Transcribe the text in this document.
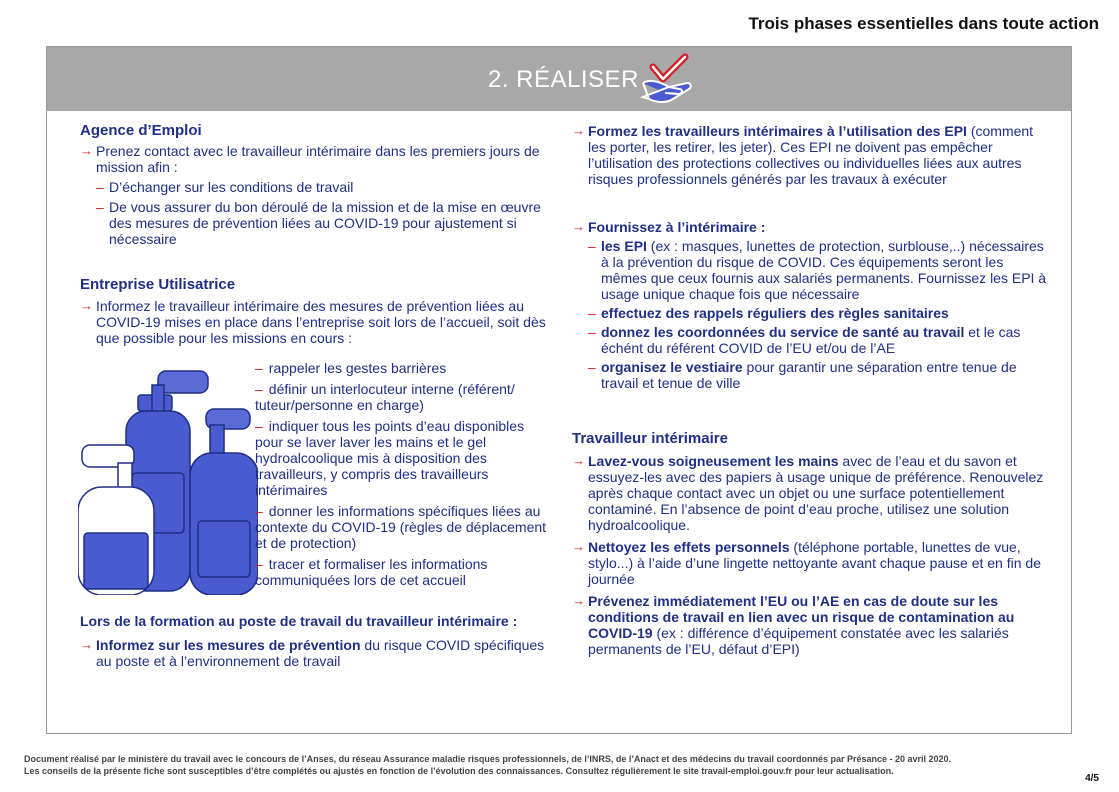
Trois phases essentielles dans toute action
2. RÉALISER
Agence d’Emploi

→ Prenez contact avec le travailleur intérimaire dans les premiers jours de mission afin :

– D’échanger sur les conditions de travail

– De vous assurer du bon déroulé de la mission et de la mise en œuvre des mesures de prévention liées au COVID-19 pour ajustement si nécessaire

Entreprise Utilisatrice

→ Informez le travailleur intérimaire des mesures de prévention liées au COVID-19 mises en place dans l’entreprise soit lors de l’accueil, soit dès que possible pour les missions en cours :

– rappeler les gestes barrières

– définir un interlocuteur interne (référent/ tuteur/personne en charge)

– indiquer tous les points d’eau disponibles pour se laver laver les mains et le gel hydroalcoolique mis à disposition des travailleurs, y compris des travailleurs intérimaires

– donner les informations spécifiques liées au contexte du COVID-19 (règles de déplacement et de protection)

– tracer et formaliser les informations communiquées lors de cet accueil

Lors de la formation au poste de travail du travailleur intérimaire :

→ Informez sur les mesures de prévention du risque COVID spécifiques au poste et à l’environnement de travail

→ Formez les travailleurs intérimaires à l’utilisation des EPI (comment les porter, les retirer, les jeter). Ces EPI ne doivent pas empêcher l’utilisation des protections collectives ou individuelles liées aux autres risques professionnels générés par les travaux à exécuter

→ Fournissez à l’intérimaire :

– les EPI (ex : masques, lunettes de protection, surblouse,..) nécessaires à la prévention du risque de COVID. Ces équipements seront les mêmes que ceux fournis aux salariés permanents. Fournissez les EPI à usage unique chaque fois que nécessaire

– effectuez des rappels réguliers des règles sanitaires

– donnez les coordonnées du service de santé au travail et le cas échént du référent COVID de l’EU et/ou de l’AE

– organisez le vestiaire pour garantir une séparation entre tenue de travail et tenue de ville

Travailleur intérimaire

→ Lavez-vous soigneusement les mains avec de l’eau et du savon et essuyez-les avec des papiers à usage unique de préférence. Renouvelez après chaque contact avec un objet ou une surface potentiellement contaminé. En l’absence de point d’eau proche, utilisez une solution hydroalcoolique.

→ Nettoyez les effets personnels (téléphone portable, lunettes de vue, stylo...) à l’aide d’une lingette nettoyante avant chaque pause et en fin de journée

→ Prévenez immédiatement l’EU ou l’AE en cas de doute sur les conditions de travail en lien avec un risque de contamination au COVID-19 (ex : différence d’équipement constatée avec les salariés permanents de l’EU, défaut d’EPI)

Document réalisé par le ministère du travail avec le concours de l’Anses, du réseau Assurance maladie risques professionnels, de l’INRS, de l’Anact et des médecins du travail coordonnés par Présance - 20 avril 2020.
Les conseils de la présente fiche sont susceptibles d’être complétés ou ajustés en fonction de l’évolution des connaissances. Consultez régulièrement le site travail-emploi.gouv.fr pour leur actualisation.
4/5
